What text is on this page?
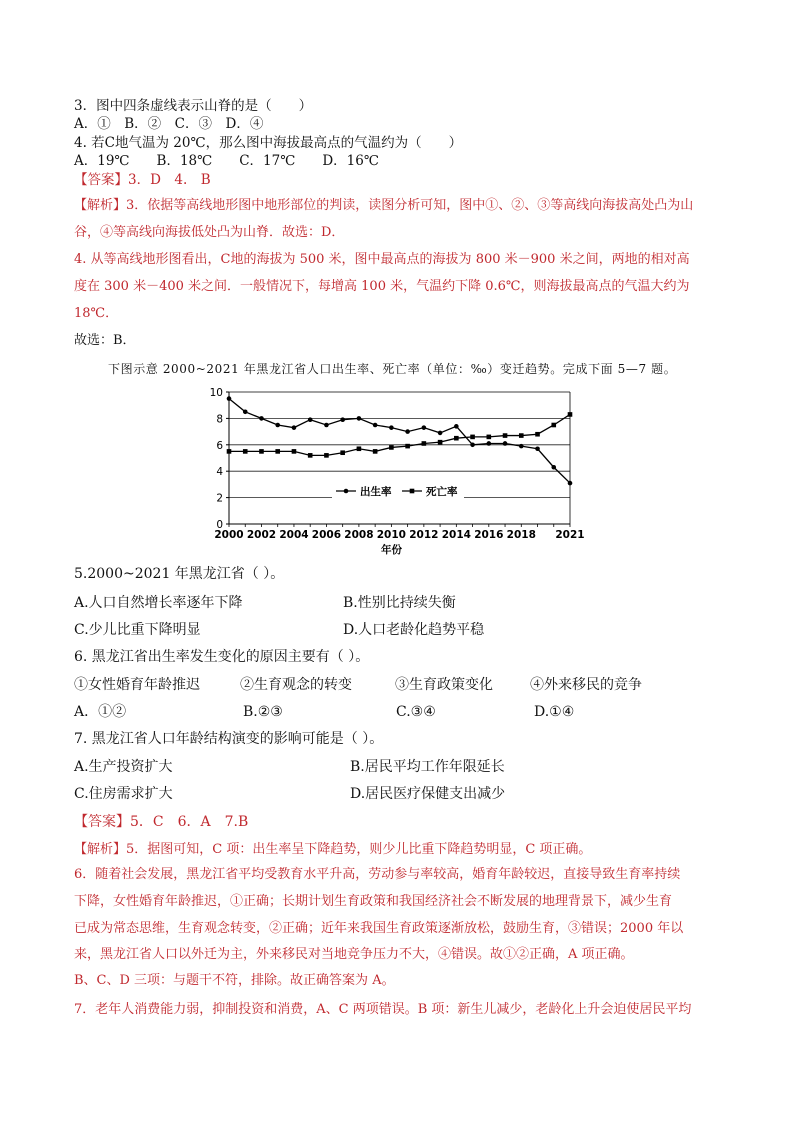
3．图中四条虚线表示山脊的是（　　）
A．①　B．②　C．③　D．④
4. 若C地气温为 20℃，那么图中海拔最高点的气温约为（　　）
A．19℃　　B．18℃　　C．17℃　　D．16℃
【答案】3．D　4.　B
【解析】3．依据等高线地形图中地形部位的判读，读图分析可知，图中①、②、③等高线向海拔高处凸为山
谷，④等高线向海拔低处凸为山脊．故选：D．
4. 从等高线地形图看出，C地的海拔为 500 米，图中最高点的海拔为 800 米－900 米之间，两地的相对高
度在 300 米－400 米之间．一般情况下，每增高 100 米，气温约下降 0.6℃，则海拔最高点的气温大约为
18℃．
故选：B．
下图示意 2000~2021 年黑龙江省人口出生率、死亡率（单位：‰）变迁趋势。完成下面 5—7 题。
0
2
4
6
8
10
2000 2002 2004 2006 2008 2010 2012 2014 2016 2018 2021
年份
出生率	死亡率
5.2000~2021 年黑龙江省（ ）。
A.人口自然增长率逐年下降	B.性别比持续失衡
C.少儿比重下降明显	D.人口老龄化趋势平稳
6. 黑龙江省出生率发生变化的原因主要有（ ）。
①女性婚育年龄推迟	②生育观念的转变	③生育政策变化	④外来移民的竞争
A．①②	B.②③	C.③④	D.①④
7. 黑龙江省人口年龄结构演变的影响可能是（ ）。
A.生产投资扩大	B.居民平均工作年限延长
C.住房需求扩大	D.居民医疗保健支出减少
【答案】5．C　6．A　7.B
【解析】5．据图可知，C 项：出生率呈下降趋势，则少儿比重下降趋势明显，C 项正确。
6．随着社会发展，黑龙江省平均受教育水平升高，劳动参与率较高，婚育年龄较迟，直接导致生育率持续
下降，女性婚育年龄推迟，①正确；长期计划生育政策和我国经济社会不断发展的地理背景下，减少生育
已成为常态思维，生育观念转变，②正确；近年来我国生育政策逐渐放松，鼓励生育，③错误；2000 年以
来，黑龙江省人口以外迁为主，外来移民对当地竞争压力不大，④错误。故①②正确，A 项正确。
B、C、D 三项：与题干不符，排除。故正确答案为 A。
7．老年人消费能力弱，抑制投资和消费，A、C 两项错误。B 项：新生儿减少，老龄化上升会迫使居民平均
